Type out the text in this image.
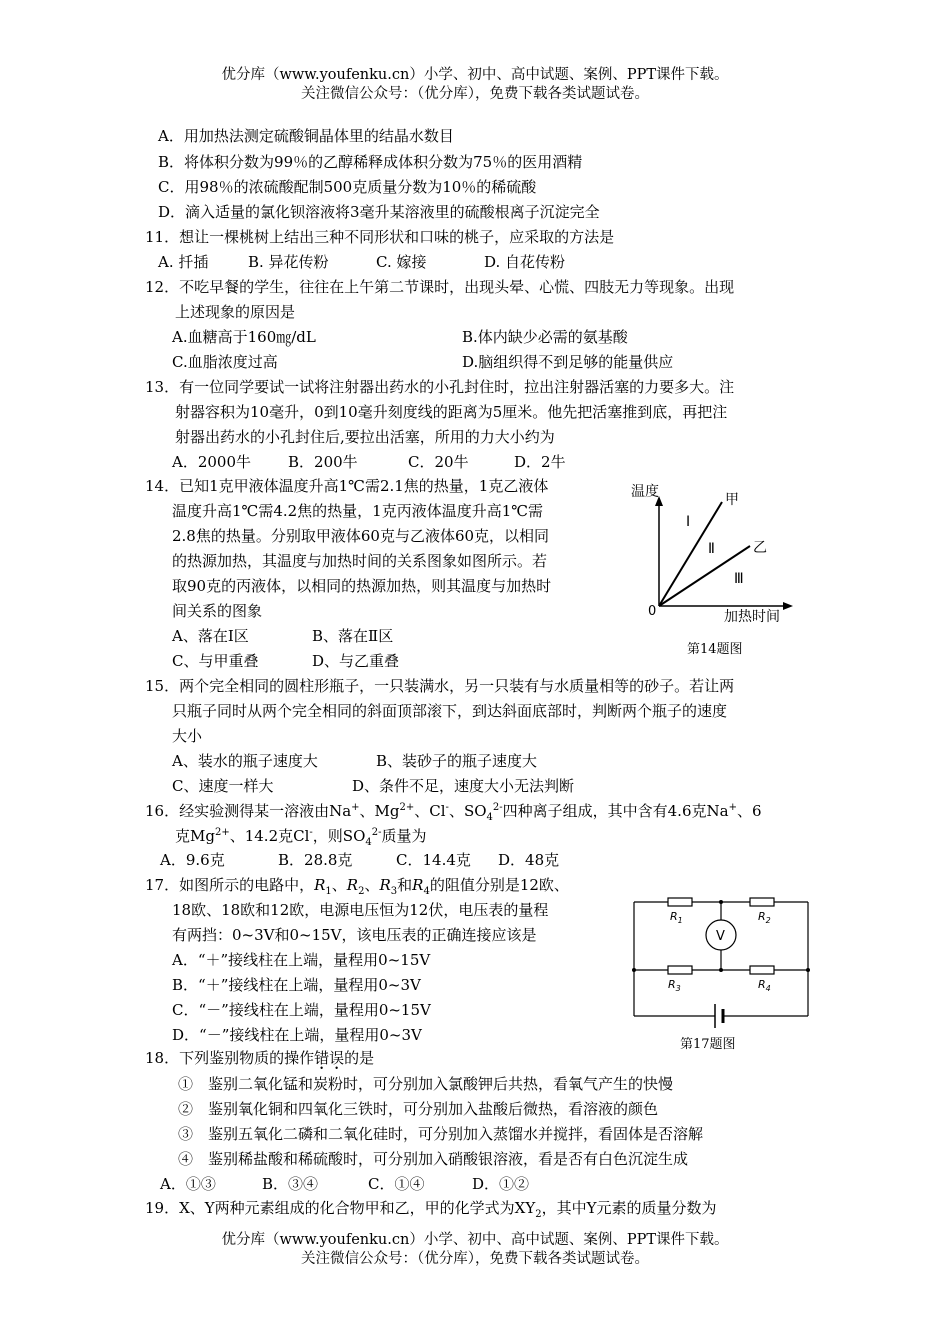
优分库（www.youfenku.cn）小学、初中、高中试题、案例、PPT课件下载。
关注微信公众号：（优分库），免费下载各类试题试卷。
A．用加热法测定硫酸铜晶体里的结晶水数目
B．将体积分数为99％的乙醇稀释成体积分数为75％的医用酒精
C．用98％的浓硫酸配制500克质量分数为10％的稀硫酸
D．滴入适量的氯化钡溶液将3毫升某溶液里的硫酸根离子沉淀完全
11．想让一棵桃树上结出三种不同形状和口味的桃子，应采取的方法是
A. 扦插	B. 异花传粉	C. 嫁接	D. 自花传粉
12．不吃早餐的学生，往往在上午第二节课时，出现头晕、心慌、四肢无力等现象。出现
上述现象的原因是
A.血糖高于160㎎/dL	B.体内缺少必需的氨基酸
C.血脂浓度过高	D.脑组织得不到足够的能量供应
13．有一位同学要试一试将注射器出药水的小孔封住时，拉出注射器活塞的力要多大。注
射器容积为10毫升，0到10毫升刻度线的距离为5厘米。他先把活塞推到底，再把注
射器出药水的小孔封住后,要拉出活塞，所用的力大小约为
A．2000牛 B．200牛	C．20牛	D．2牛
14．已知1克甲液体温度升高1℃需2.1焦的热量，1克乙液体
温度升高1℃需4.2焦的热量，1克丙液体温度升高1℃需
2.8焦的热量。分别取甲液体60克与乙液体60克，以相同
的热源加热，其温度与加热时间的关系图象如图所示。若
取90克的丙液体，以相同的热源加热，则其温度与加热时
间关系的图象
A、落在Ⅰ区	B、落在Ⅱ区
C、与甲重叠	D、与乙重叠
温度	甲
乙
Ⅰ
Ⅱ
Ⅲ
0	加热时间
第14题图
15．两个完全相同的圆柱形瓶子，一只装满水，另一只装有与水质量相等的砂子。若让两
只瓶子同时从两个完全相同的斜面顶部滚下，到达斜面底部时，判断两个瓶子的速度
大小
A、装水的瓶子速度大	B、装砂子的瓶子速度大
C、速度一样大	D、条件不足，速度大小无法判断
16．经实验测得某一溶液由Na+、$Mg^{2+}$、Cl-、$SO_4^{2-}$四种离子组成，其中含有4.6克Na+、6
克$Mg^{2+}$、14.2克Cl-，则$SO_4^{2-}$质量为
A．9.6克	B．28.8克	C．14.4克 D．48克
17．如图所示的电路中，$R_1$、$R_2$、$R_3$和$R_4$的阻值分别是12欧、
18欧、18欧和12欧，电源电压恒为12伏，电压表的量程
有两挡：0~3V和0~15V，该电压表的正确连接应该是
A．“＋”接线柱在上端，量程用0~15V
B．“＋”接线柱在上端，量程用0~3V
C．“－”接线柱在上端，量程用0~15V
D．“－”接线柱在上端，量程用0~3V
V
$R_1$	$R_2$
$R_3$	$R_4$
第17题图
18．下列鉴别物质的操作错误的是
①　鉴别二氧化锰和炭粉时，可分别加入氯酸钾后共热，看氧气产生的快慢
②　鉴别氧化铜和四氧化三铁时，可分别加入盐酸后微热，看溶液的颜色
③　鉴别五氧化二磷和二氧化硅时，可分别加入蒸馏水并搅拌，看固体是否溶解
④　鉴别稀盐酸和稀硫酸时，可分别加入硝酸银溶液，看是否有白色沉淀生成
A．①③	B．③④	C．①④	D．①②
19．X、Y两种元素组成的化合物甲和乙，甲的化学式为$XY_2$，其中Y元素的质量分数为
优分库（www.youfenku.cn）小学、初中、高中试题、案例、PPT课件下载。
关注微信公众号：（优分库），免费下载各类试题试卷。
